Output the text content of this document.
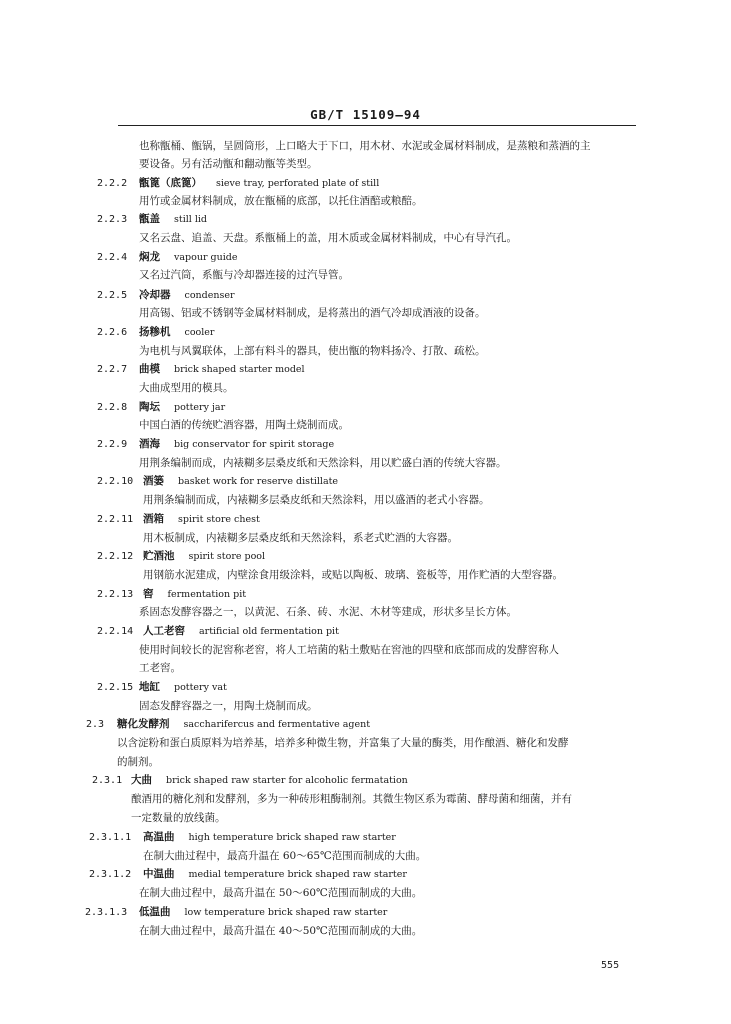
GB/T 15109—94
也称甑桶、甑锅，呈圆筒形，上口略大于下口，用木材、水泥或金属材料制成，是蒸粮和蒸酒的主
要设备。另有活动甑和翻动甑等类型。
2.2.2 甑篦（底篦） sieve tray, perforated plate of still
用竹或金属材料制成，放在甑桶的底部，以托住酒醅或粮醅。
2.2.3 甑盖 still lid
又名云盘、追盖、天盘。系甑桶上的盖，用木质或金属材料制成，中心有导汽孔。
2.2.4 焖龙 vapour guide
又名过汽筒，系甑与冷却器连接的过汽导管。
2.2.5 冷却器 condenser
用高锡、铝或不锈钢等金属材料制成，是将蒸出的酒气冷却成酒液的设备。
2.2.6 扬糁机 cooler
为电机与风翼联体，上部有料斗的器具，使出甑的物料扬冷、打散、疏松。
2.2.7 曲模 brick shaped starter model
大曲成型用的模具。
2.2.8 陶坛 pottery jar
中国白酒的传统贮酒容器，用陶土烧制而成。
2.2.9 酒海 big conservator for spirit storage
用荆条编制而成，内裱糊多层桑皮纸和天然涂料，用以贮盛白酒的传统大容器。
2.2.10 酒篓 basket work for reserve distillate
用荆条编制而成，内裱糊多层桑皮纸和天然涂料，用以盛酒的老式小容器。
2.2.11 酒箱 spirit store chest
用木板制成，内裱糊多层桑皮纸和天然涂料，系老式贮酒的大容器。
2.2.12 贮酒池 spirit store pool
用钢筋水泥建成，内壁涂食用级涂料，或贴以陶板、玻璃、瓷板等，用作贮酒的大型容器。
2.2.13 窖 fermentation pit
系固态发酵容器之一，以黄泥、石条、砖、水泥、木材等建成，形状多呈长方体。
2.2.14 人工老窖 artificial old fermentation pit
使用时间较长的泥窖称老窖，将人工培菌的粘土敷贴在窖池的四壁和底部而成的发酵窖称人
工老窖。
2.2.15 地缸 pottery vat
固态发酵容器之一，用陶土烧制而成。
2.3 糖化发酵剂 saccharifercus and fermentative agent
以含淀粉和蛋白质原料为培养基，培养多种微生物，并富集了大量的酶类，用作酿酒、糖化和发酵
的制剂。
2.3.1 大曲 brick shaped raw starter for alcoholic fermatation
酿酒用的糖化剂和发酵剂，多为一种砖形粗酶制剂。其微生物区系为霉菌、酵母菌和细菌，并有
一定数量的放线菌。
2.3.1.1 高温曲 high temperature brick shaped raw starter
在制大曲过程中，最高升温在 60～65℃范围而制成的大曲。
2.3.1.2 中温曲 medial temperature brick shaped raw starter
在制大曲过程中，最高升温在 50～60℃范围而制成的大曲。
2.3.1.3 低温曲 low temperature brick shaped raw starter
在制大曲过程中，最高升温在 40～50℃范围而制成的大曲。
555
